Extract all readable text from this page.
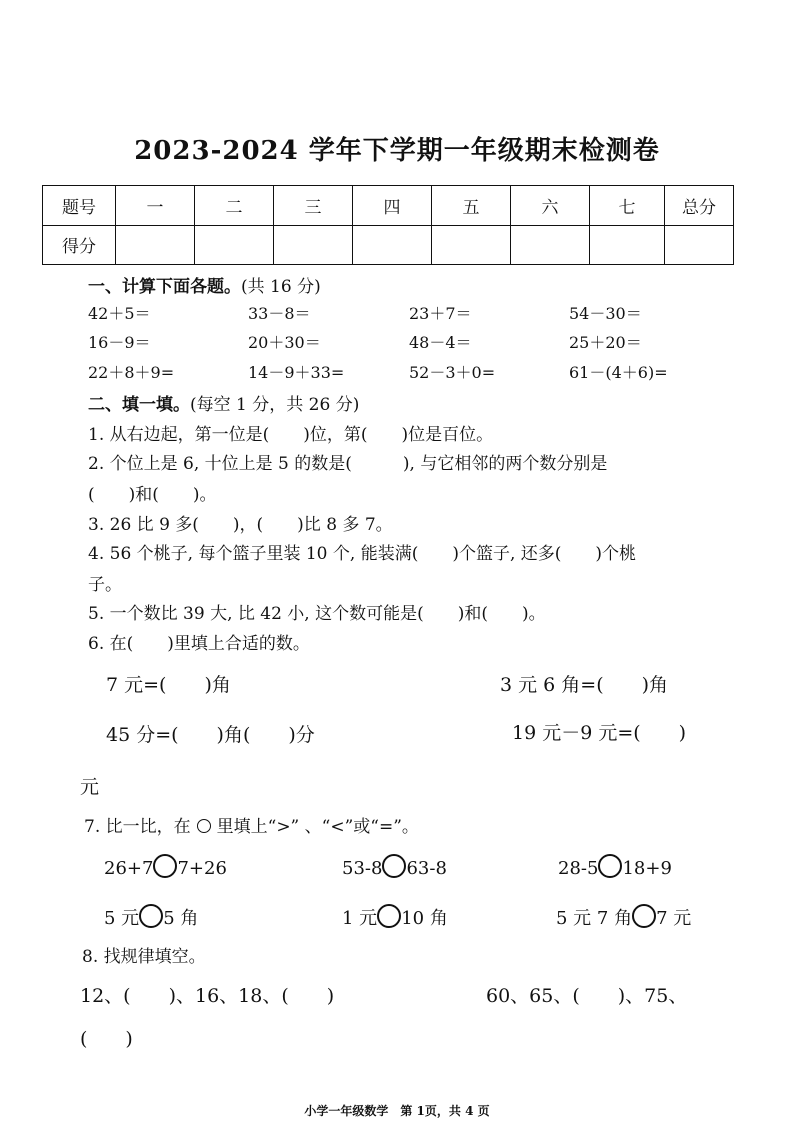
2023-2024 学年下学期一年级期末检测卷
题号	一	二	三	四	五	六	七	总分
得分								
一、计算下面各题。(共 16 分)
42＋5＝	33－8＝	23＋7＝	54－30＝
16－9＝	20＋30＝	48－4＝	25＋20＝
22＋8＋9=	14－9＋33=	52－3＋0=	61－(4＋6)=
二、填一填。(每空 1 分，共 26 分)
1. 从右边起，第一位是(　　)位，第(　　)位是百位。
2. 个位上是 6, 十位上是 5 的数是(　　　), 与它相邻的两个数分别是
(　　)和(　　)。
3. 26 比 9 多(　　)，(　　)比 8 多 7。
4. 56 个桃子, 每个篮子里装 10 个, 能装满(　　)个篮子, 还多(　　)个桃
子。
5. 一个数比 39 大, 比 42 小, 这个数可能是(　　)和(　　)。
6. 在(　　)里填上合适的数。
7 元=(　　)角	3 元 6 角=(　　)角
45 分=(　　)角(　　)分	19 元－9 元=(　　)
元
7. 比一比，在 里填上“>” 、“<”或“=”。
26+7 7+26	53-8 63-8	28-5 18+9
5 元 5 角	1 元 10 角	5 元 7 角 7 元
8. 找规律填空。
12、(　　)、16、18、(　　)	60、65、(　　)、75、
(　　)
小学一年级数学　第 1页，共 4 页
